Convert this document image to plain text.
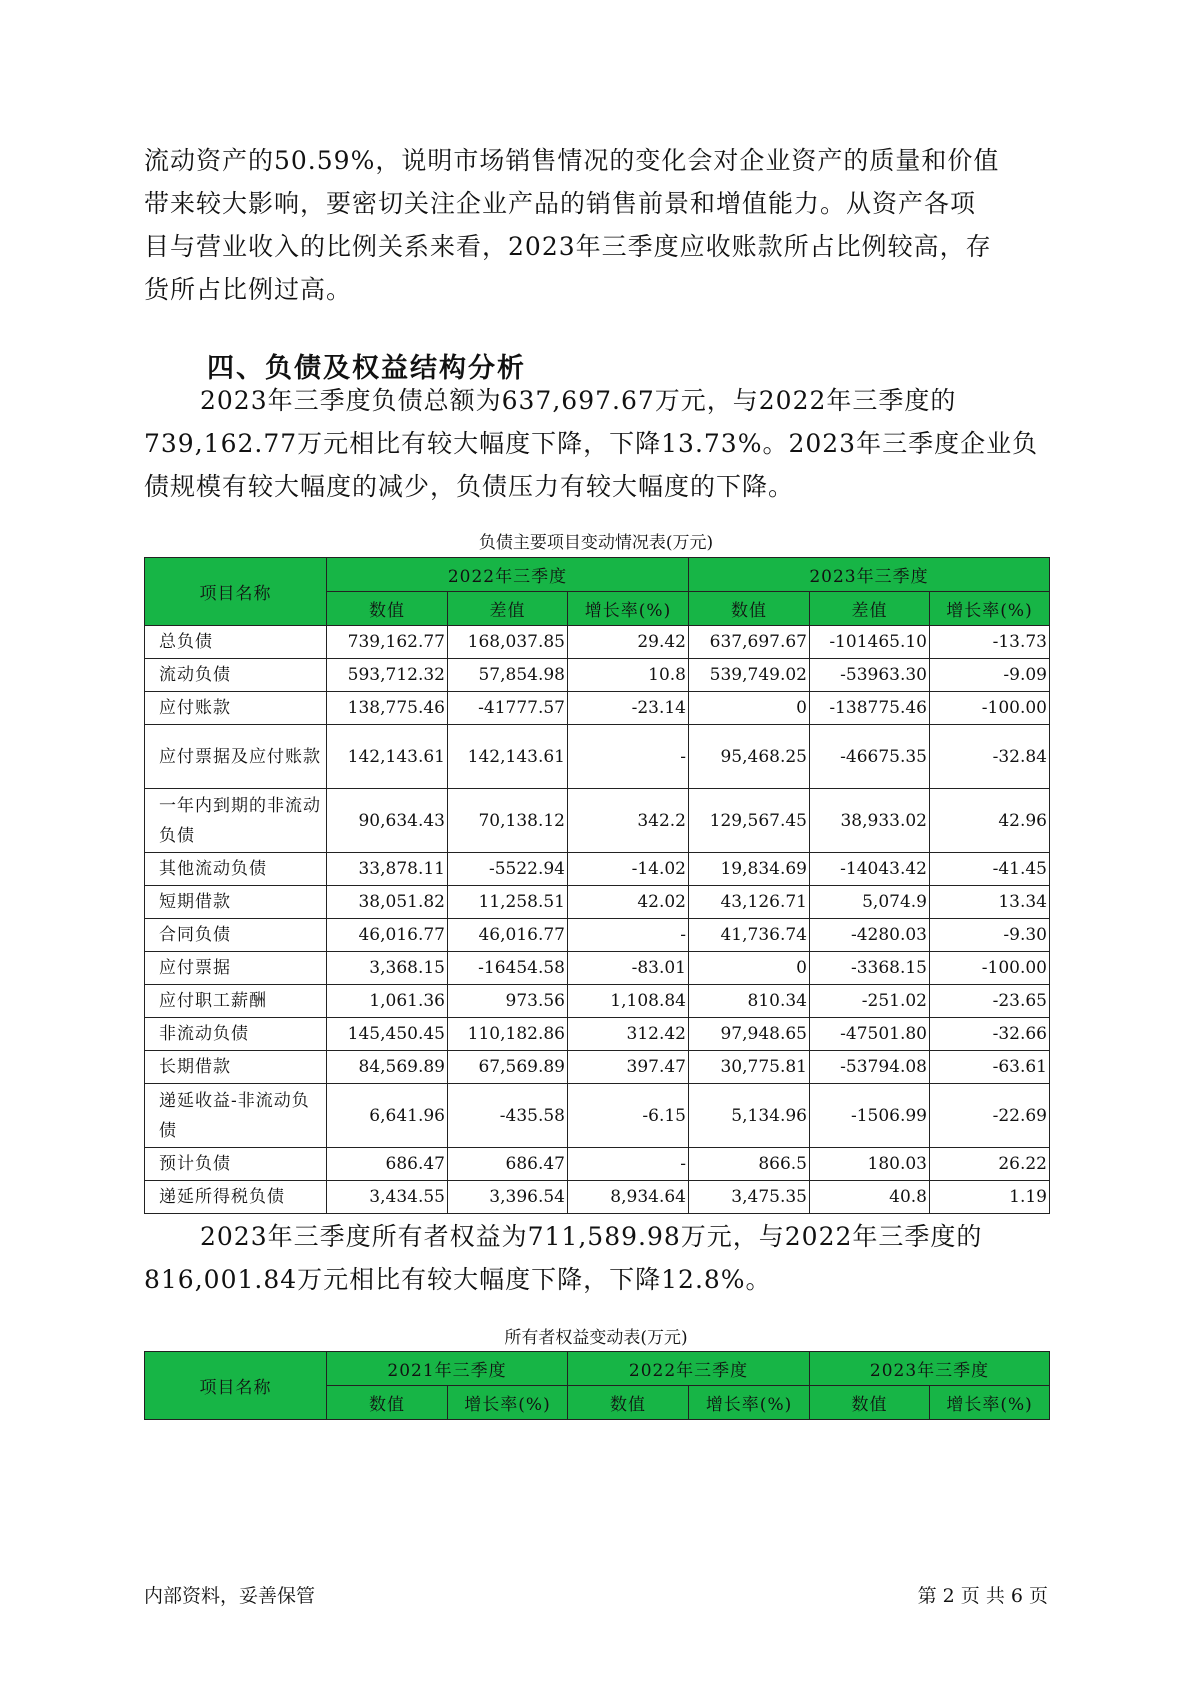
流动资产的50.59%，说明市场销售情况的变化会对企业资产的质量和价值
带来较大影响，要密切关注企业产品的销售前景和增值能力。从资产各项
目与营业收入的比例关系来看，2023年三季度应收账款所占比例较高，存
货所占比例过高。
四、负债及权益结构分析
2023年三季度负债总额为637,697.67万元，与2022年三季度的
739,162.77万元相比有较大幅度下降，下降13.73%。2023年三季度企业负
债规模有较大幅度的减少，负债压力有较大幅度的下降。
负债主要项目变动情况表(万元)
项目名称	2022年三季度			2023年三季度		
	数值	差值	增长率(%)	数值	差值	增长率(%)
总负债	739,162.77	168,037.85	29.42	637,697.67	-101465.10	-13.73
流动负债	593,712.32	57,854.98	10.8	539,749.02	-53963.30	-9.09
应付账款	138,775.46	-41777.57	-23.14	0	-138775.46	-100.00
应付票据及应付账款	142,143.61	142,143.61	-	95,468.25	-46675.35	-32.84
一年内到期的非流动负债	90,634.43	70,138.12	342.2	129,567.45	38,933.02	42.96
其他流动负债	33,878.11	-5522.94	-14.02	19,834.69	-14043.42	-41.45
短期借款	38,051.82	11,258.51	42.02	43,126.71	5,074.9	13.34
合同负债	46,016.77	46,016.77	-	41,736.74	-4280.03	-9.30
应付票据	3,368.15	-16454.58	-83.01	0	-3368.15	-100.00
应付职工薪酬	1,061.36	973.56	1,108.84	810.34	-251.02	-23.65
非流动负债	145,450.45	110,182.86	312.42	97,948.65	-47501.80	-32.66
长期借款	84,569.89	67,569.89	397.47	30,775.81	-53794.08	-63.61
递延收益-非流动负债	6,641.96	-435.58	-6.15	5,134.96	-1506.99	-22.69
预计负债	686.47	686.47	-	866.5	180.03	26.22
递延所得税负债	3,434.55	3,396.54	8,934.64	3,475.35	40.8	1.19
2023年三季度所有者权益为711,589.98万元，与2022年三季度的
816,001.84万元相比有较大幅度下降，下降12.8%。
所有者权益变动表(万元)
项目名称	2021年三季度		2022年三季度		2023年三季度	
	数值	增长率(%)	数值	增长率(%)	数值	增长率(%)
内部资料，妥善保管	第 2 页 共 6 页
